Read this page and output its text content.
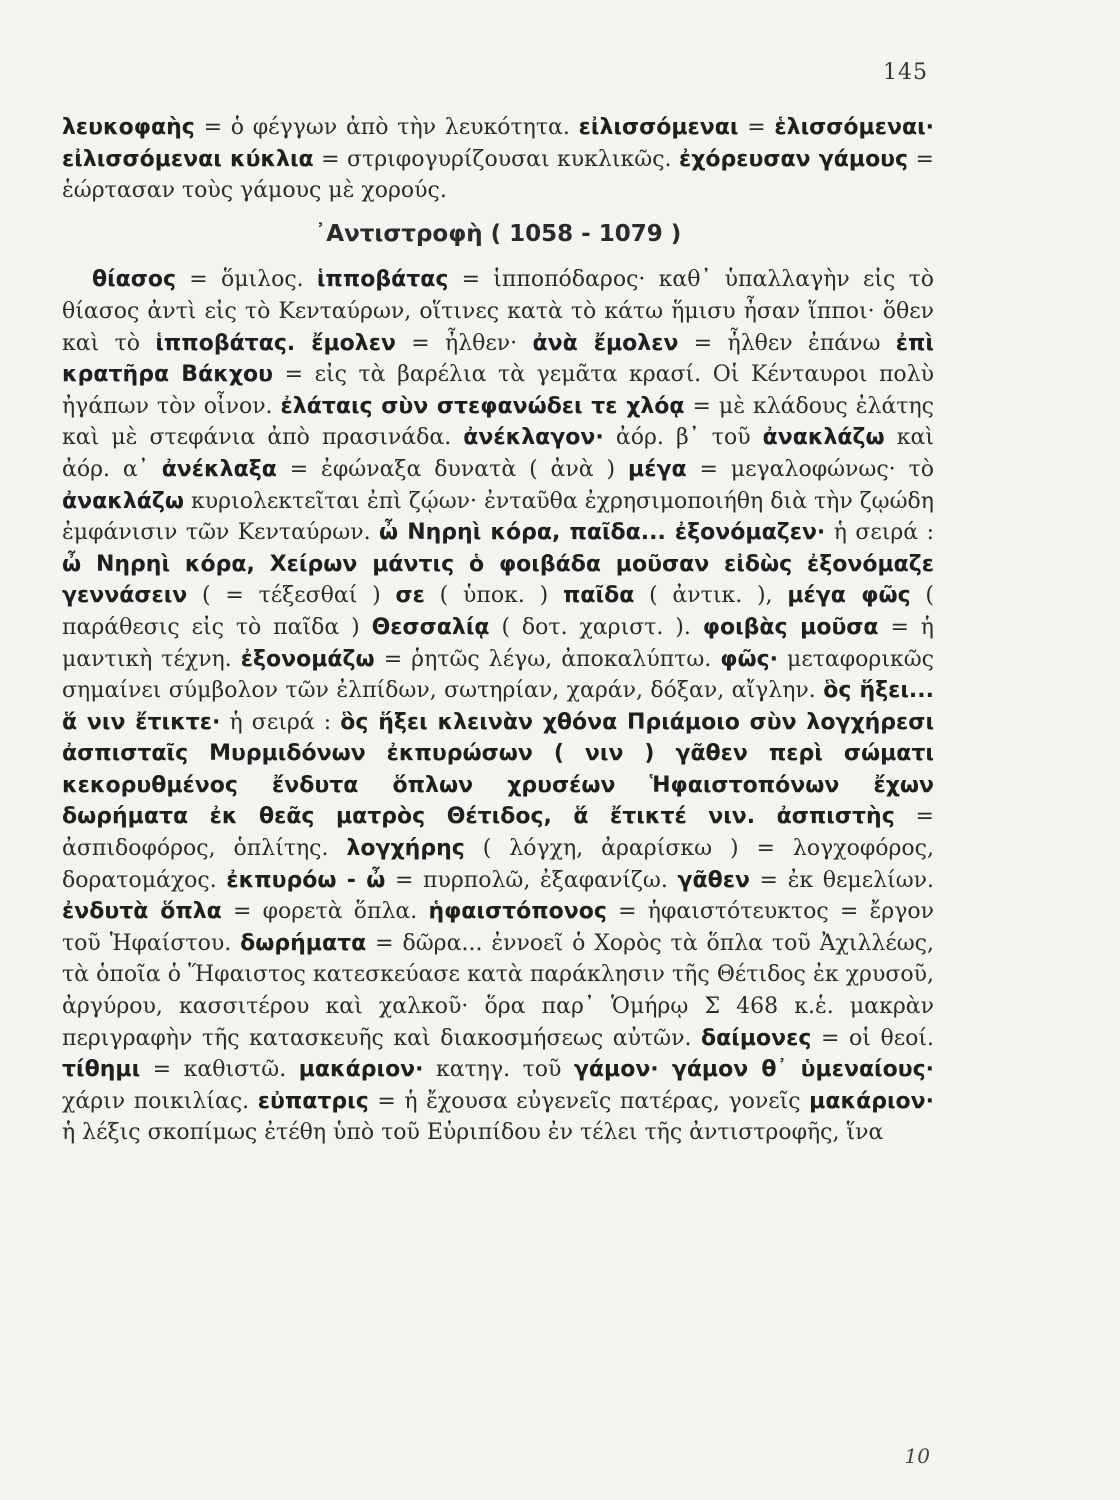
145

λευκοφαὴς = ὁ φέγγων ἀπὸ τὴν λευκότητα. εἰλισσόμεναι = ἑλισσόμεναι· εἰλισσόμεναι κύκλια = στριφογυρίζουσαι κυκλικῶς. ἐχόρευσαν γάμους = ἑώρτασαν τοὺς γάμους μὲ χορούς.

᾿Αντιστροφὴ ( 1058 - 1079 )

θίασος = ὅμιλος. ἱπποβάτας = ἱπποπόδαρος· καθ᾿ ὑπαλλαγὴν εἰς τὸ θίασος ἀντὶ εἰς τὸ Κενταύρων, οἵτινες κατὰ τὸ κάτω ἥμισυ ἦσαν ἵπποι· ὅθεν καὶ τὸ ἱπποβάτας. ἔμολεν = ἦλθεν· ἀνὰ ἔμολεν = ἦλθεν ἐπάνω ἐπὶ κρατῆρα Βάκχου = εἰς τὰ βαρέλια τὰ γεμᾶτα κρασί. Οἱ Κένταυροι πολὺ ἠγάπων τὸν οἶνον. ἐλάταις σὺν στεφανώδει τε χλόᾳ = μὲ κλάδους ἐλάτης καὶ μὲ στεφάνια ἀπὸ πρασινάδα. ἀνέκλαγον· ἀόρ. β᾿ τοῦ ἀνακλάζω καὶ ἀόρ. α᾿ ἀνέκλαξα = ἐφώναξα δυνατὰ ( ἀνὰ ) μέγα = μεγαλοφώνως· τὸ ἀνακλάζω κυριολεκτεῖται ἐπὶ ζῴων· ἐνταῦθα ἐχρησιμοποιήθη διὰ τὴν ζῳώδη ἐμφάνισιν τῶν Κενταύρων. ὦ Νηρηὶ κόρα, παῖδα... ἐξονόμαζεν· ἡ σειρά : ὦ Νηρηὶ κόρα, Χείρων μάντις ὁ φοιβάδα μοῦσαν εἰδὼς ἐξονόμαζε γεννάσειν ( = τέξεσθαί ) σε ( ὑποκ. ) παῖδα ( ἀντικ. ), μέγα φῶς ( παράθεσις εἰς τὸ παῖδα ) Θεσσαλίᾳ ( δοτ. χαριστ. ). φοιβὰς μοῦσα = ἡ μαντικὴ τέχνη. ἐξονομάζω = ῥητῶς λέγω, ἀποκαλύπτω. φῶς· μεταφορικῶς σημαίνει σύμβολον τῶν ἐλπίδων, σωτηρίαν, χαράν, δόξαν, αἴγλην. ὃς ἥξει... ἅ νιν ἔτικτε· ἡ σειρά : ὃς ἥξει κλεινὰν χθόνα Πριάμοιο σὺν λογχήρεσι ἀσπισταῖς Μυρμιδόνων ἐκπυρώσων ( νιν ) γᾶθεν περὶ σώματι κεκορυθμένος ἔνδυτα ὅπλων χρυσέων Ἡφαιστοπόνων ἔχων δωρήματα ἐκ θεᾶς ματρὸς Θέτιδος, ἅ ἔτικτέ νιν. ἀσπιστὴς = ἀσπιδοφόρος, ὁπλίτης. λογχήρης ( λόγχη, ἀραρίσκω ) = λογχοφόρος, δορατομάχος. ἐκπυρόω - ὦ = πυρπολῶ, ἐξαφανίζω. γᾶθεν = ἐκ θεμελίων. ἐνδυτὰ ὅπλα = φορετὰ ὅπλα. ἡφαιστόπονος = ἡφαιστότευκτος = ἔργον τοῦ Ἡφαίστου. δωρήματα = δῶρα... ἐννοεῖ ὁ Χορὸς τὰ ὅπλα τοῦ Ἀχιλλέως, τὰ ὁποῖα ὁ Ἥφαιστος κατεσκεύασε κατὰ παράκλησιν τῆς Θέτιδος ἐκ χρυσοῦ, ἀργύρου, κασσιτέρου καὶ χαλκοῦ· ὅρα παρ᾿ Ὁμήρῳ Σ 468 κ.ἑ. μακρὰν περιγραφὴν τῆς κατασκευῆς καὶ διακοσμήσεως αὐτῶν. δαίμονες = οἱ θεοί. τίθημι = καθιστῶ. μακάριον· κατηγ. τοῦ γάμον· γάμον θ᾿ ὑμεναίους· χάριν ποικιλίας. εὐπατρις = ἡ ἔχουσα εὐγενεῖς πατέρας, γονεῖς μακάριον· ἡ λέξις σκοπίμως ἐτέθη ὑπὸ τοῦ Εὐριπίδου ἐν τέλει τῆς ἀντιστροφῆς, ἵνα

10
